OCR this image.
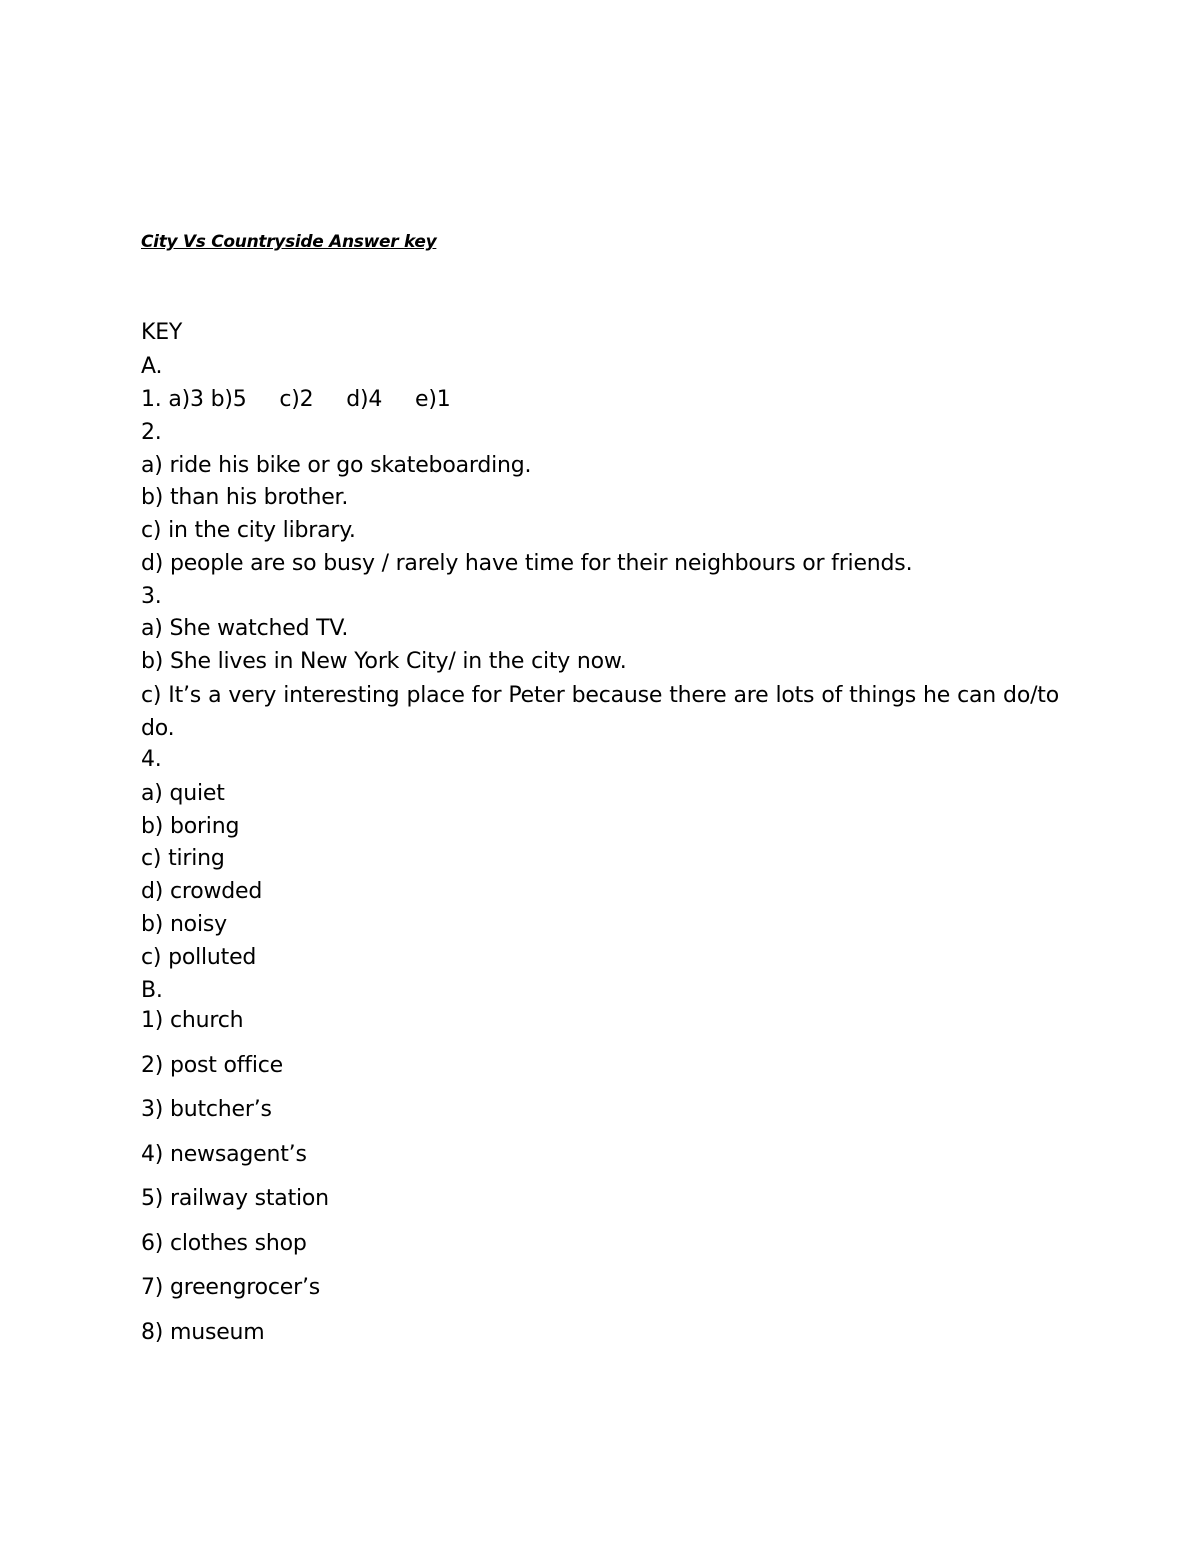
City Vs Countryside Answer key
KEY
A.
1. a)3 b)5 c)2 d)4 e)1
2.
a) ride his bike or go skateboarding.
b) than his brother.
c) in the city library.
d) people are so busy / rarely have time for their neighbours or friends.
3.
a) She watched TV.
b) She lives in New York City/ in the city now.
c) It’s a very interesting place for Peter because there are lots of things he can do/to do.
4.
a) quiet
b) boring
c) tiring
d) crowded
b) noisy
c) polluted
B.
1) church
2) post office
3) butcher’s
4) newsagent’s
5) railway station
6) clothes shop
7) greengrocer’s
8) museum
